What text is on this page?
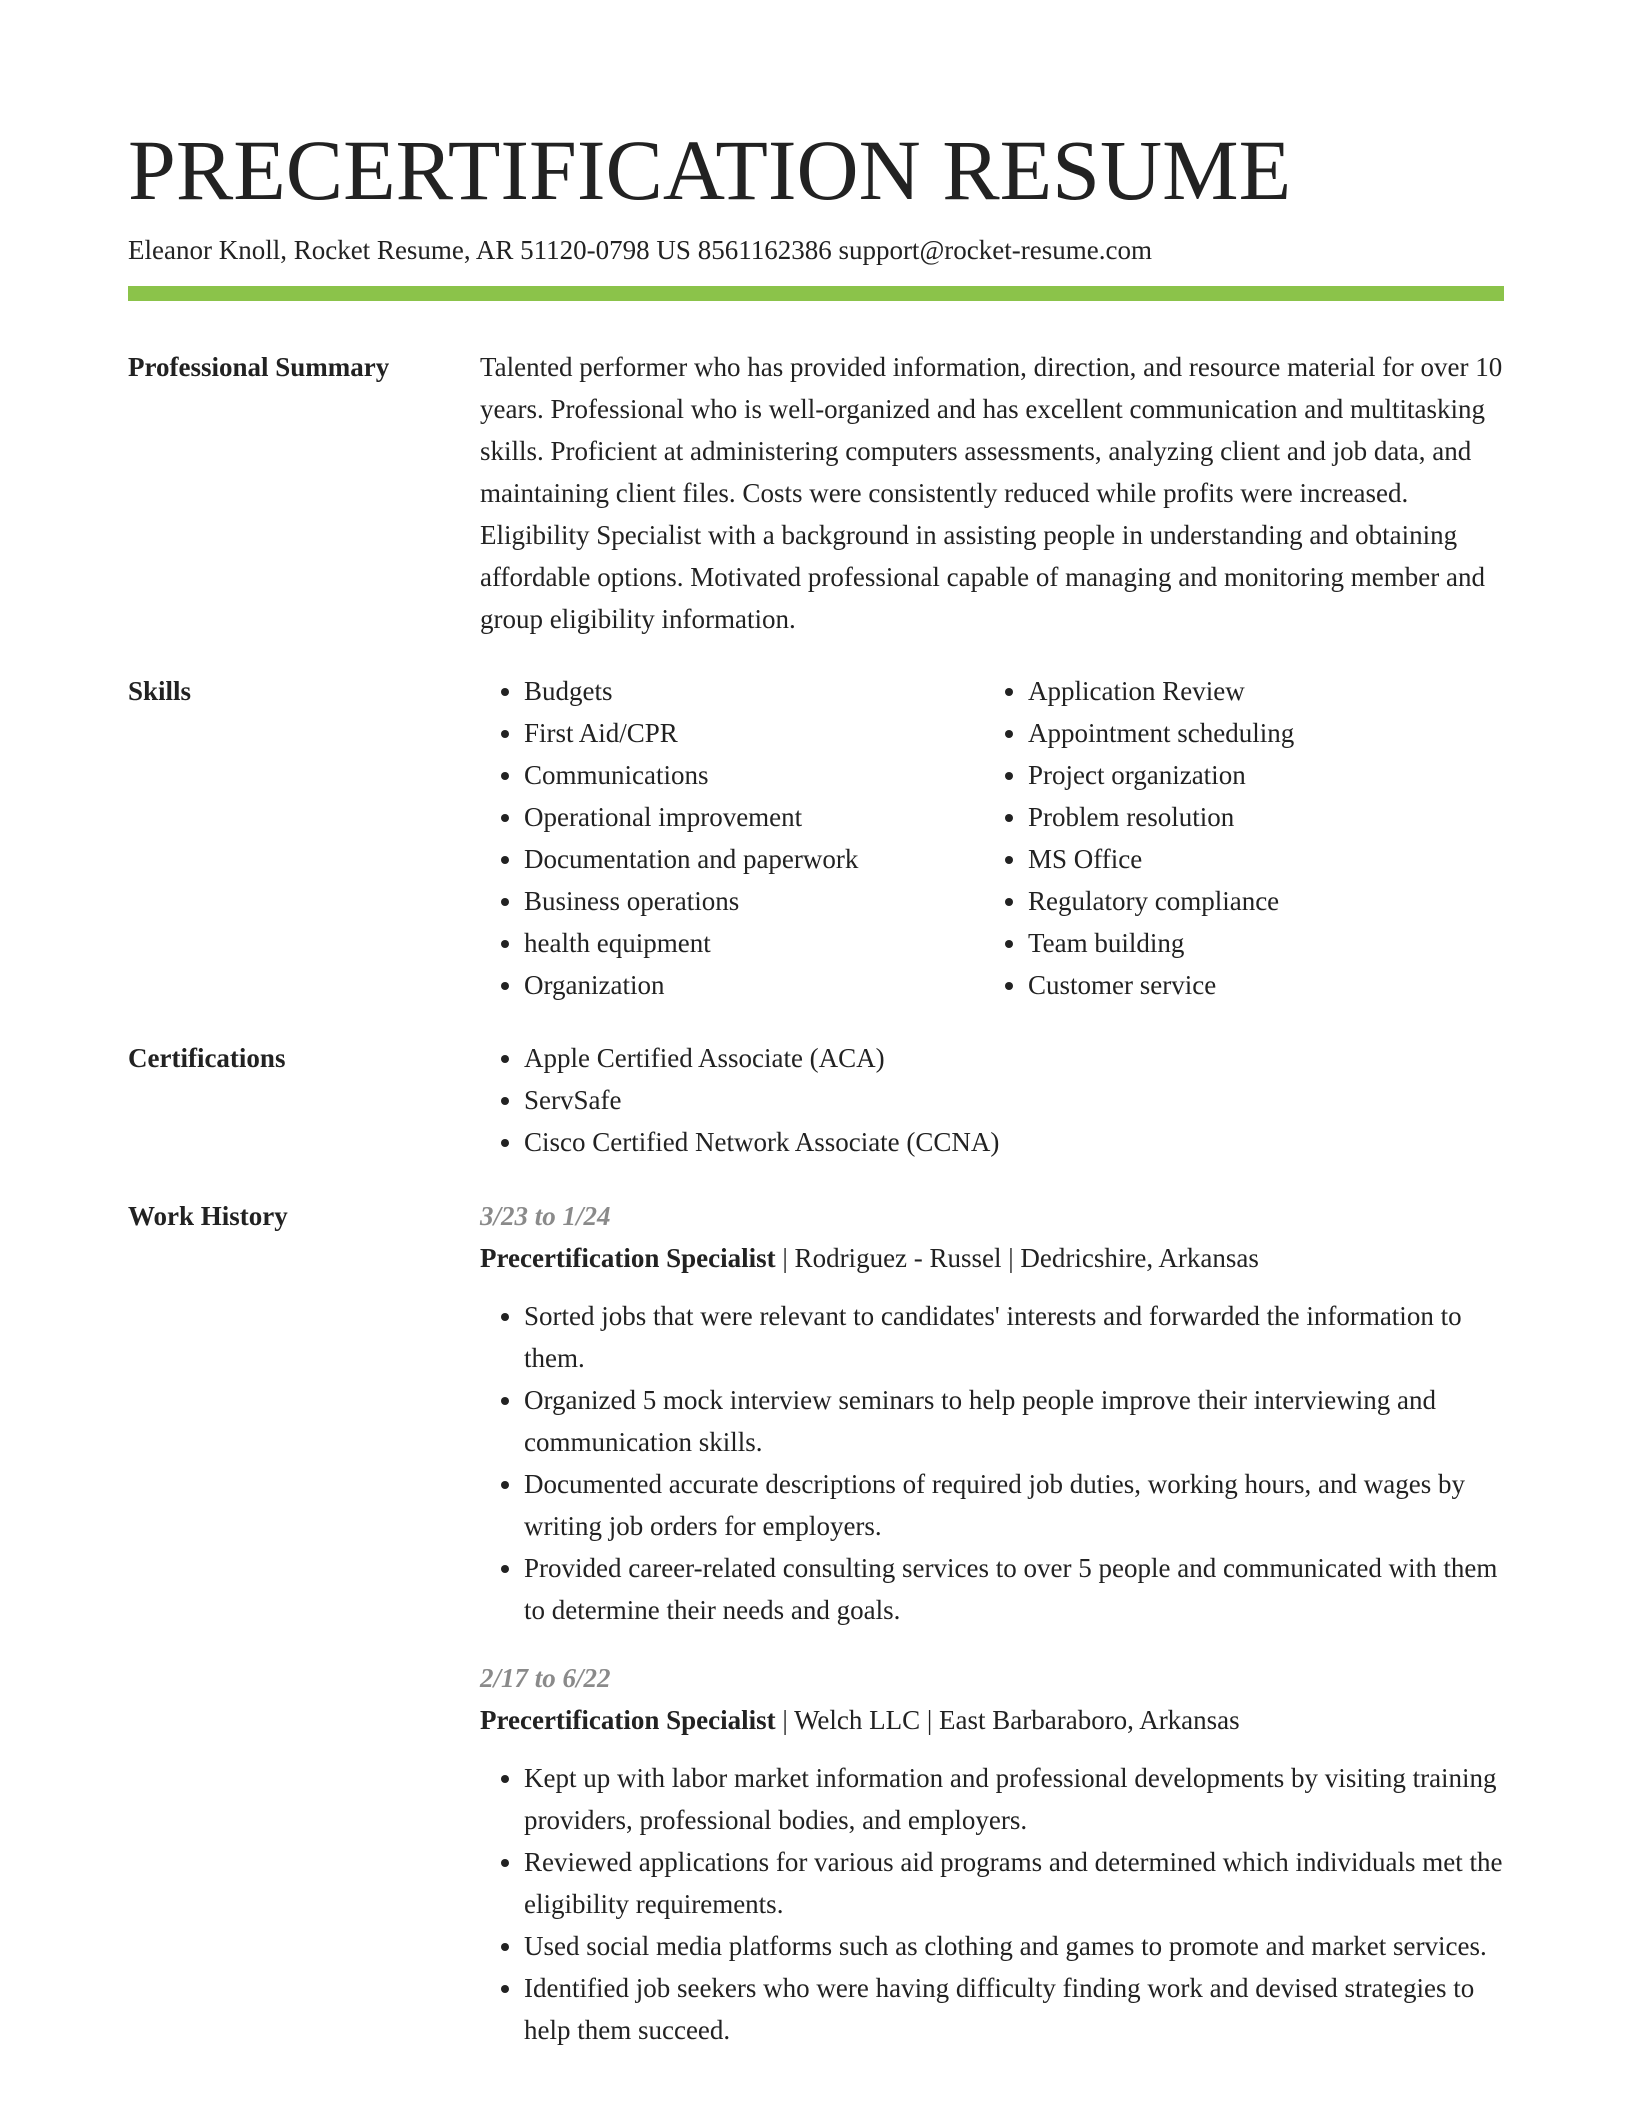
PRECERTIFICATION RESUME
Eleanor Knoll, Rocket Resume, AR 51120-0798 US 8561162386 support@rocket-resume.com
Professional Summary	Talented performer who has provided information, direction, and resource material for over 10 years. Professional who is well-organized and has excellent communication and multitasking skills. Proficient at administering computers assessments, analyzing client and job data, and maintaining client files. Costs were consistently reduced while profits were increased. Eligibility Specialist with a background in assisting people in understanding and obtaining affordable options. Motivated professional capable of managing and monitoring member and group eligibility information.

Skills	• Budgets
• First Aid/CPR
• Communications
• Operational improvement
• Documentation and paperwork
• Business operations
• health equipment
• Organization
• Application Review
• Appointment scheduling
• Project organization
• Problem resolution
• MS Office
• Regulatory compliance
• Team building
• Customer service
Certifications	• Apple Certified Associate (ACA)
• ServSafe
• Cisco Certified Network Associate (CCNA)
Work History	3/23 to 1/24
Precertification Specialist | Rodriguez - Russel | Dedricshire, Arkansas
• Sorted jobs that were relevant to candidates' interests and forwarded the information to them.
• Organized 5 mock interview seminars to help people improve their interviewing and communication skills.
• Documented accurate descriptions of required job duties, working hours, and wages by writing job orders for employers.
• Provided career-related consulting services to over 5 people and communicated with them to determine their needs and goals.
2/17 to 6/22
Precertification Specialist | Welch LLC | East Barbaraboro, Arkansas
• Kept up with labor market information and professional developments by visiting training providers, professional bodies, and employers.
• Reviewed applications for various aid programs and determined which individuals met the eligibility requirements.
• Used social media platforms such as clothing and games to promote and market services.
• Identified job seekers who were having difficulty finding work and devised strategies to help them succeed.
